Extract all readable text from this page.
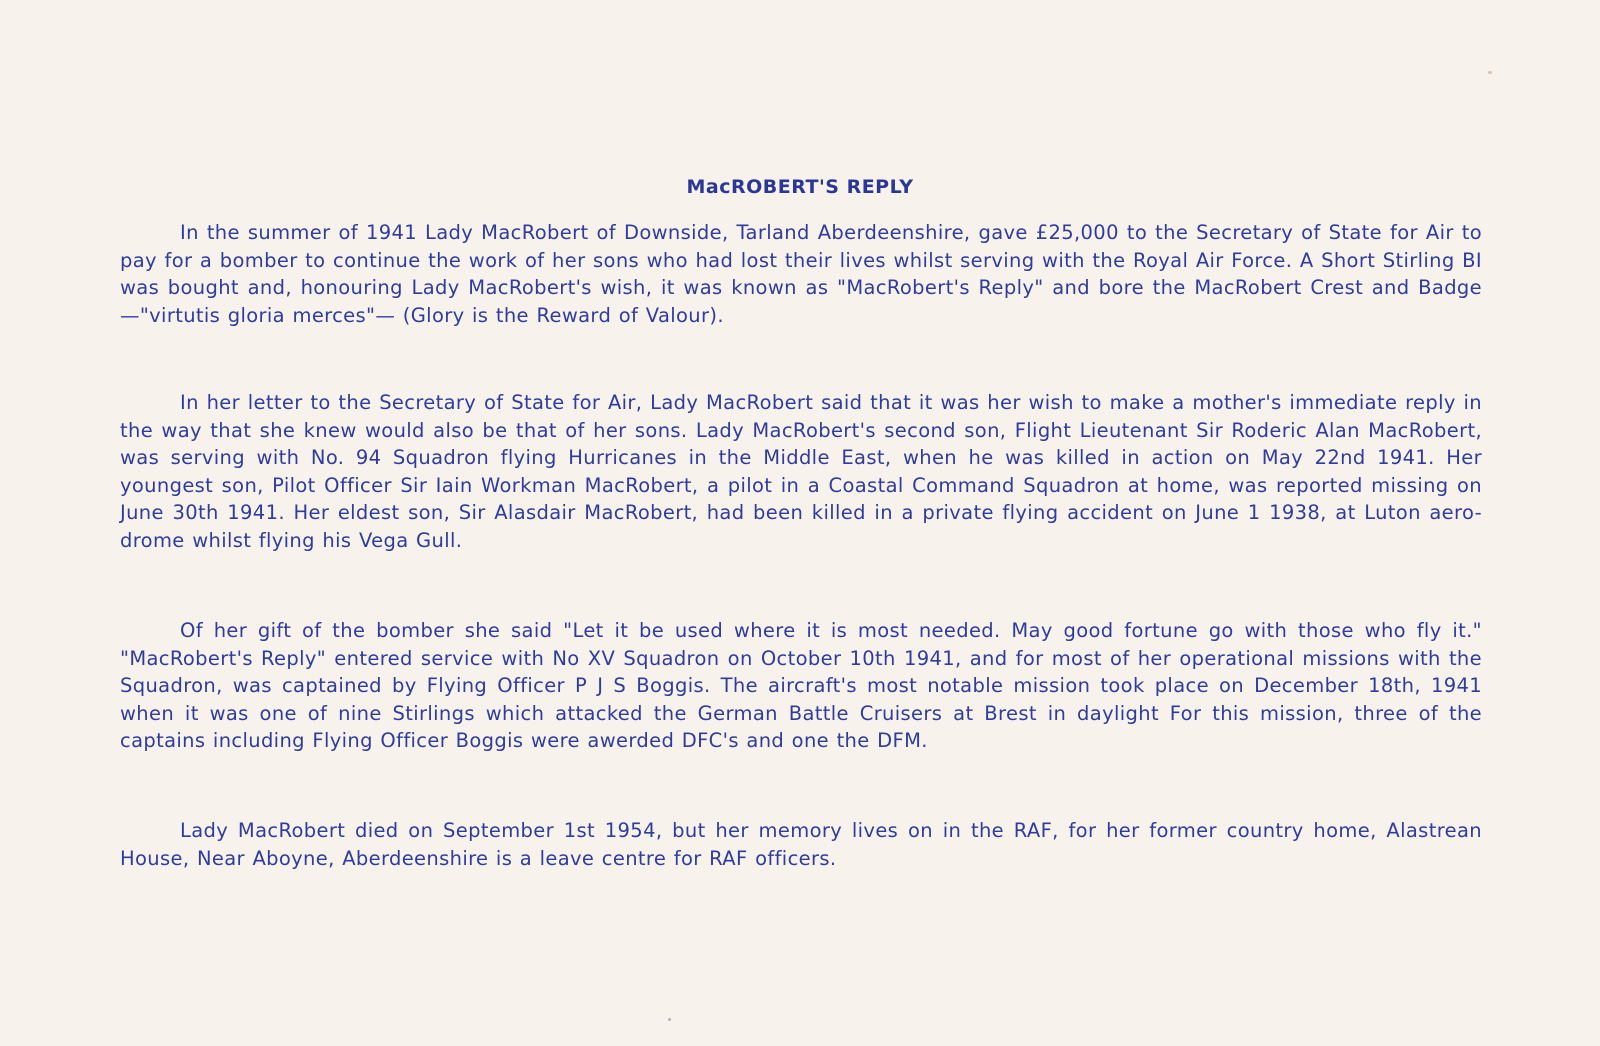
MacROBERT'S REPLY

In the summer of 1941 Lady MacRobert of Downside, Tarland Aberdeenshire, gave £25,000 to the Secretary of State for Air to pay for a bomber to continue the work of her sons who had lost their lives whilst serving with the Royal Air Force. A Short Stirling BI was bought and, honouring Lady MacRobert's wish, it was known as "MacRobert's Reply" and bore the MacRobert Crest and Badge—"virtutis gloria merces"— (Glory is the Reward of Valour).

In her letter to the Secretary of State for Air, Lady MacRobert said that it was her wish to make a mother's immediate reply in the way that she knew would also be that of her sons. Lady MacRobert's second son, Flight Lieutenant Sir Roderic Alan MacRobert, was serving with No. 94 Squadron flying Hurricanes in the Middle East, when he was killed in action on May 22nd 1941. Her youngest son, Pilot Officer Sir Iain Workman MacRobert, a pilot in a Coastal Command Squadron at home, was reported missing on June 30th 1941. Her eldest son, Sir Alasdair MacRobert, had been killed in a private flying accident on June 1 1938, at Luton aero-drome whilst flying his Vega Gull.

Of her gift of the bomber she said "Let it be used where it is most needed. May good fortune go with those who fly it." "MacRobert's Reply" entered service with No XV Squadron on October 10th 1941, and for most of her operational missions with the Squadron, was captained by Flying Officer P J S Boggis. The aircraft's most notable mission took place on December 18th, 1941 when it was one of nine Stirlings which attacked the German Battle Cruisers at Brest in daylight For this mission, three of the captains including Flying Officer Boggis were awerded DFC's and one the DFM.

Lady MacRobert died on September 1st 1954, but her memory lives on in the RAF, for her former country home, Alastrean House, Near Aboyne, Aberdeenshire is a leave centre for RAF officers.
